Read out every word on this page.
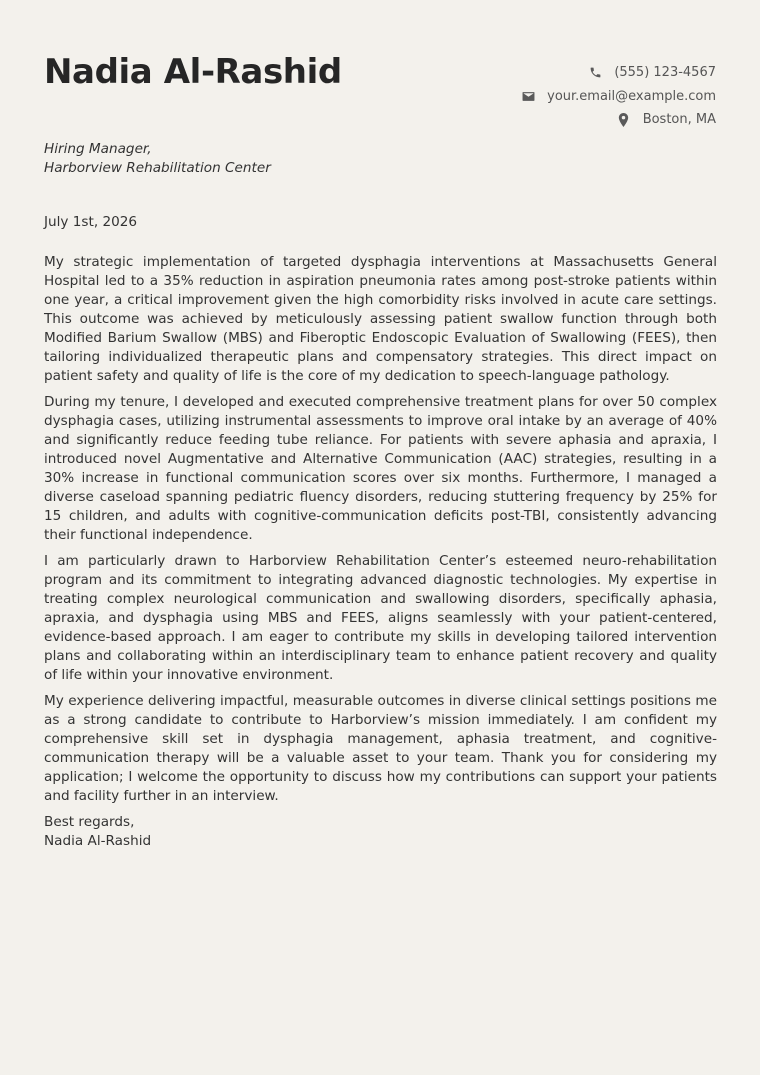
Nadia Al-Rashid	(555) 123-4567
your.email@example.com
Boston, MA
Hiring Manager,
Harborview Rehabilitation Center
July 1st, 2026

My strategic implementation of targeted dysphagia interventions at Massachusetts General Hospital led to a 35% reduction in aspiration pneumonia rates among post-stroke patients within one year, a critical improvement given the high comorbidity risks involved in acute care settings. This outcome was achieved by meticulously assessing patient swallow function through both Modified Barium Swallow (MBS) and Fiberoptic Endoscopic Evaluation of Swallowing (FEES), then tailoring individualized therapeutic plans and compensatory strategies. This direct impact on patient safety and quality of life is the core of my dedication to speech-language pathology.

During my tenure, I developed and executed comprehensive treatment plans for over 50 complex dysphagia cases, utilizing instrumental assessments to improve oral intake by an average of 40% and significantly reduce feeding tube reliance. For patients with severe aphasia and apraxia, I introduced novel Augmentative and Alternative Communication (AAC) strategies, resulting in a 30% increase in functional communication scores over six months. Furthermore, I managed a diverse caseload spanning pediatric fluency disorders, reducing stuttering frequency by 25% for 15 children, and adults with cognitive-communication deficits post-TBI, consistently advancing their functional independence.

I am particularly drawn to Harborview Rehabilitation Center’s esteemed neuro-rehabilitation program and its commitment to integrating advanced diagnostic technologies. My expertise in treating complex neurological communication and swallowing disorders, specifically aphasia, apraxia, and dysphagia using MBS and FEES, aligns seamlessly with your patient-centered, evidence-based approach. I am eager to contribute my skills in developing tailored intervention plans and collaborating within an interdisciplinary team to enhance patient recovery and quality of life within your innovative environment.

My experience delivering impactful, measurable outcomes in diverse clinical settings positions me as a strong candidate to contribute to Harborview’s mission immediately. I am confident my comprehensive skill set in dysphagia management, aphasia treatment, and cognitive-communication therapy will be a valuable asset to your team. Thank you for considering my application; I welcome the opportunity to discuss how my contributions can support your patients and facility further in an interview.

Best regards,
Nadia Al-Rashid
